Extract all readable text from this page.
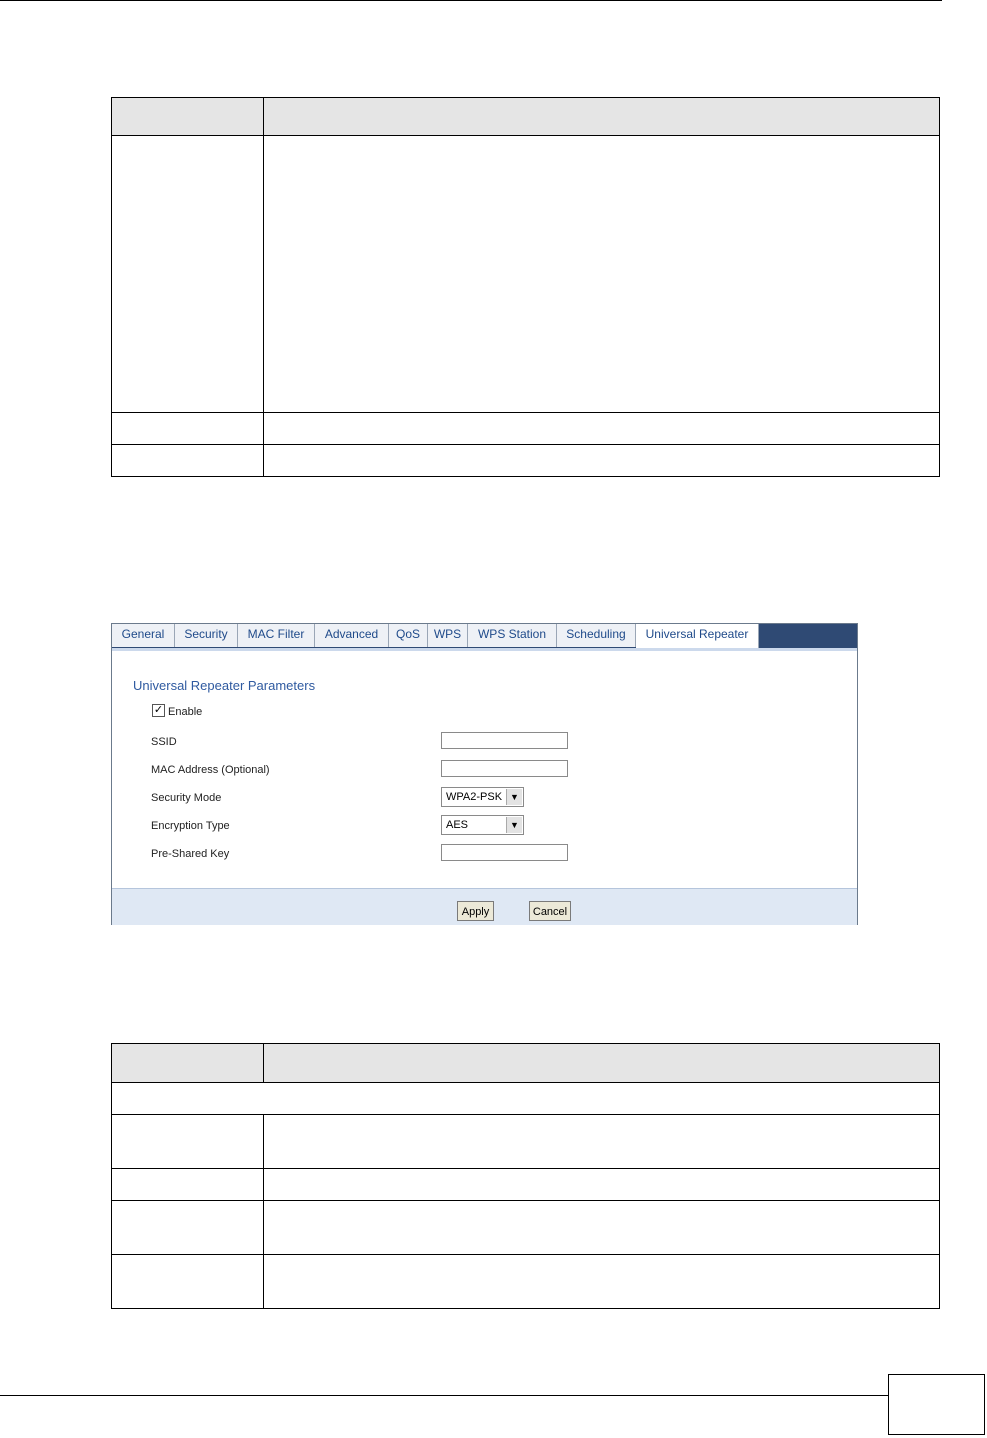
General	Security	MAC Filter	Advanced	QoS	WPS	WPS Station	Scheduling	Universal Repeater
Universal Repeater Parameters
✓ Enable
SSID
MAC Address (Optional)
Security Mode	WPA2-PSK ▼
Encryption Type	AES	▼
Pre-Shared Key
Apply	Cancel
